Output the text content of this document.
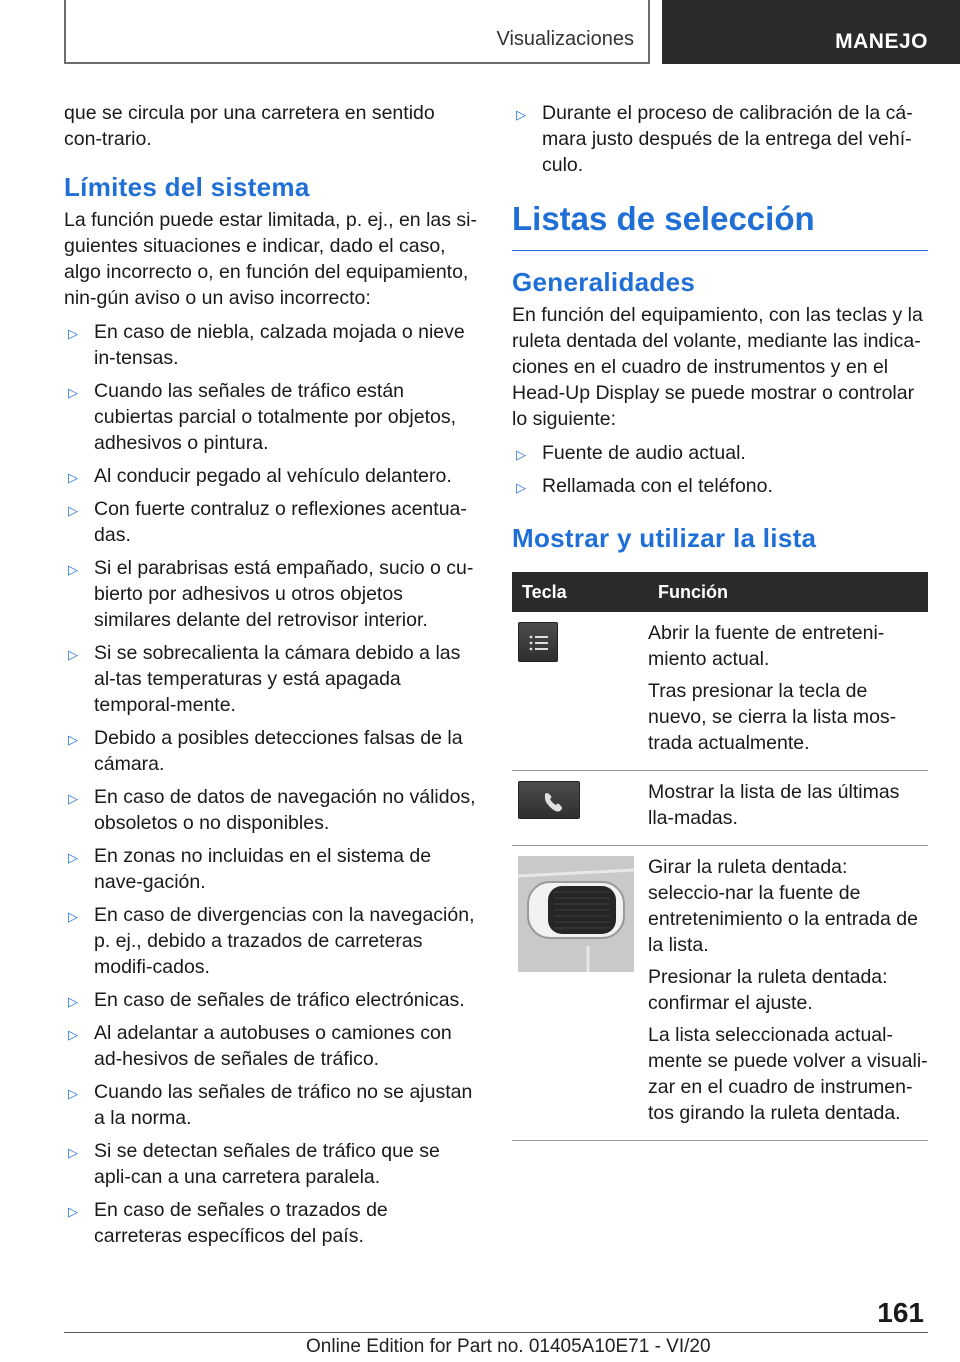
Visualizaciones	MANEJO

que se circula por una carretera en sentido con-trario.

Límites del sistema

La función puede estar limitada, p. ej., en las si-guientes situaciones e indicar, dado el caso, algo incorrecto o, en función del equipamiento, nin-gún aviso o un aviso incorrecto:

▷ En caso de niebla, calzada mojada o nieve in-tensas.
▷ Cuando las señales de tráfico están cubiertas parcial o totalmente por objetos, adhesivos o pintura.
▷ Al conducir pegado al vehículo delantero.
▷ Con fuerte contraluz o reflexiones acentua-das.
▷ Si el parabrisas está empañado, sucio o cu-bierto por adhesivos u otros objetos similares delante del retrovisor interior.
▷ Si se sobrecalienta la cámara debido a las al-tas temperaturas y está apagada temporal-mente.
▷ Debido a posibles detecciones falsas de la cámara.
▷ En caso de datos de navegación no válidos, obsoletos o no disponibles.
▷ En zonas no incluidas en el sistema de nave-gación.
▷ En caso de divergencias con la navegación, p. ej., debido a trazados de carreteras modifi-cados.
▷ En caso de señales de tráfico electrónicas.
▷ Al adelantar a autobuses o camiones con ad-hesivos de señales de tráfico.
▷ Cuando las señales de tráfico no se ajustan a la norma.
▷ Si se detectan señales de tráfico que se apli-can a una carretera paralela.
▷ En caso de señales o trazados de carreteras específicos del país.
▷ Durante el proceso de calibración de la cá-mara justo después de la entrega del vehí-culo.
Listas de selección
Generalidades

En función del equipamiento, con las teclas y la ruleta dentada del volante, mediante las indica-ciones en el cuadro de instrumentos y en el Head-Up Display se puede mostrar o controlar lo siguiente:

▷ Fuente de audio actual.
▷ Rellamada con el teléfono.
Mostrar y utilizar la lista
Tecla	Función

Abrir la fuente de entreteni-miento actual.

Tras presionar la tecla de nuevo, se cierra la lista mos-trada actualmente.

Mostrar la lista de las últimas lla-madas.

Girar la ruleta dentada: seleccio-nar la fuente de entretenimiento o la entrada de la lista.

Presionar la ruleta dentada: confirmar el ajuste.

La lista seleccionada actual-mente se puede volver a visuali-zar en el cuadro de instrumen-tos girando la ruleta dentada.

161
Online Edition for Part no. 01405A10E71 - VI/20
